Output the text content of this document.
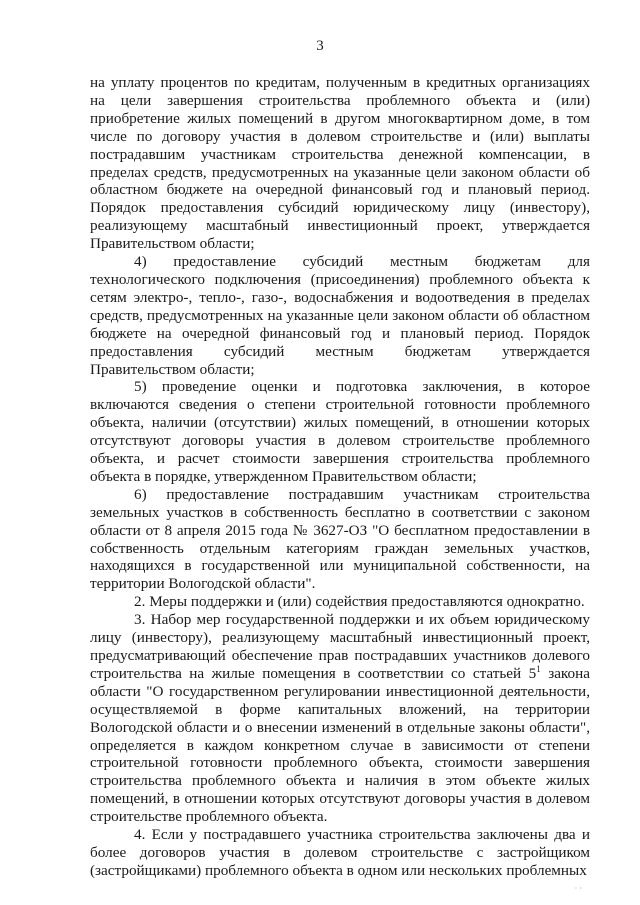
3

на уплату процентов по кредитам, полученным в кредитных организациях на цели завершения строительства проблемного объекта и (или) приобретение жилых помещений в другом многоквартирном доме, в том числе по договору участия в долевом строительстве и (или) выплаты пострадавшим участникам строительства денежной компенсации, в пределах средств, предусмотренных на указанные цели законом области об областном бюджете на очередной финансовый год и плановый период. Порядок предоставления субсидий юридическому лицу (инвестору), реализующему масштабный инвестиционный проект, утверждается Правительством области;

4) предоставление субсидий местным бюджетам для технологического подключения (присоединения) проблемного объекта к сетям электро-, тепло-, газо-, водоснабжения и водоотведения в пределах средств, предусмотренных на указанные цели законом области об областном бюджете на очередной финансовый год и плановый период. Порядок предоставления субсидий местным бюджетам утверждается Правительством области;

5) проведение оценки и подготовка заключения, в которое включаются сведения о степени строительной готовности проблемного объекта, наличии (отсутствии) жилых помещений, в отношении которых отсутствуют договоры участия в долевом строительстве проблемного объекта, и расчет стоимости завершения строительства проблемного объекта в порядке, утвержденном Правительством области;

6) предоставление пострадавшим участникам строительства земельных участков в собственность бесплатно в соответствии с законом области от 8 апреля 2015 года № 3627-ОЗ "О бесплатном предоставлении в собственность отдельным категориям граждан земельных участков, находящихся в государственной или муниципальной собственности, на территории Вологодской области".

2. Меры поддержки и (или) содействия предоставляются однократно.

3. Набор мер государственной поддержки и их объем юридическому лицу (инвестору), реализующему масштабный инвестиционный проект, предусматривающий обеспечение прав пострадавших участников долевого строительства на жилые помещения в соответствии со статьей $5^1$ закона области "О государственном регулировании инвестиционной деятельности, осуществляемой в форме капитальных вложений, на территории Вологодской области и о внесении изменений в отдельные законы области", определяется в каждом конкретном случае в зависимости от степени строительной готовности проблемного объекта, стоимости завершения строительства проблемного объекта и наличия в этом объекте жилых помещений, в отношении которых отсутствуют договоры участия в долевом строительстве проблемного объекта.

4. Если у пострадавшего участника строительства заключены два и более договоров участия в долевом строительстве с застройщиком (застройщиками) проблемного объекта в одном или нескольких проблемных

· ·
